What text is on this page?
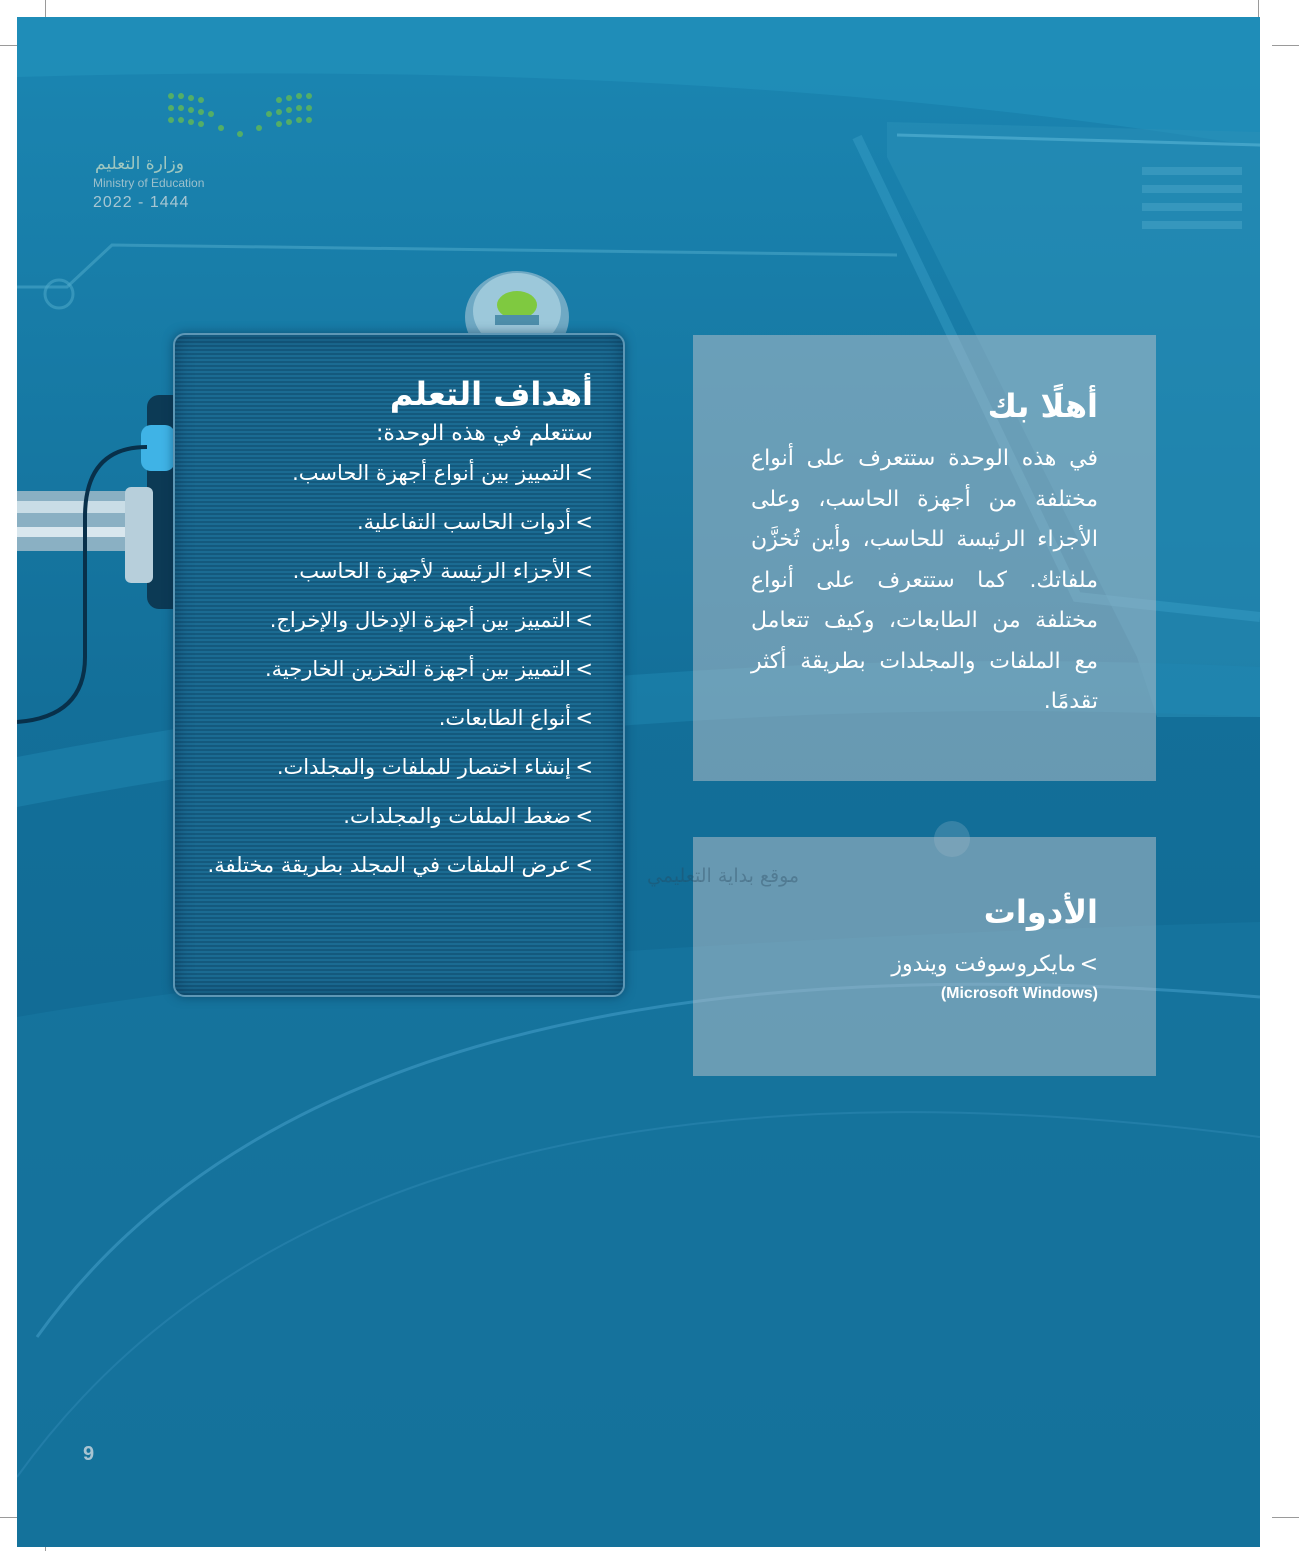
وزارة التعليم
Ministry of Education
2022 - 1444
أهداف التعلم
ستتعلم في هذه الوحدة:
> التمييز بين أنواع أجهزة الحاسب.
> أدوات الحاسب التفاعلية.
> الأجزاء الرئيسة لأجهزة الحاسب.
> التمييز بين أجهزة الإدخال والإخراج.
> التمييز بين أجهزة التخزين الخارجية.
> أنواع الطابعات.
> إنشاء اختصار للملفات والمجلدات.
> ضغط الملفات والمجلدات.
> عرض الملفات في المجلد بطريقة مختلفة.
أهلًا بك

في هذه الوحدة ستتعرف على أنواع مختلفة من أجهزة الحاسب، وعلى الأجزاء الرئيسة للحاسب، وأين تُخزَّن ملفاتك. كما ستتعرف على أنواع مختلفة من الطابعات، وكيف تتعامل مع الملفات والمجلدات بطريقة أكثر تقدمًا.

الأدوات
> مايكروسوفت ويندوز
(Microsoft Windows)
موقع بداية التعليمي
9
